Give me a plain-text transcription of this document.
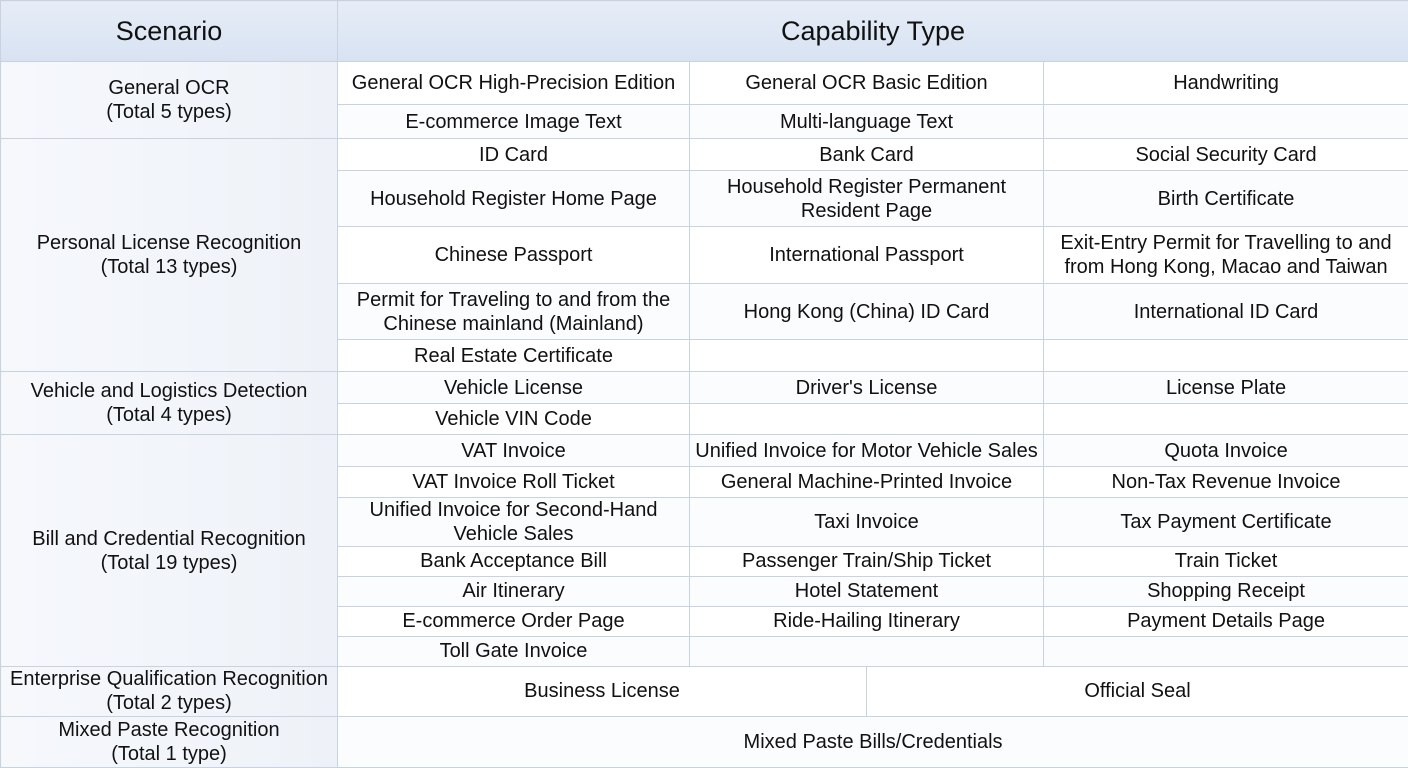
Scenario	Capability Type			

General OCR
(Total 5 types)	General OCR High-Precision Edition	General OCR Basic Edition		Handwriting

	E-commerce Image Text	Multi-language Text		

Personal License Recognition
(Total 13 types)	ID Card	Bank Card		Social Security Card

	Household Register Home Page	Household Register Permanent Resident Page		Birth Certificate

	Chinese Passport	International Passport		Exit-Entry Permit for Travelling to and from Hong Kong, Macao and Taiwan

	Permit for Traveling to and from the Chinese mainland (Mainland)	Hong Kong (China) ID Card		International ID Card

	Real Estate Certificate			

Vehicle and Logistics Detection
(Total 4 types)	Vehicle License	Driver's License		License Plate

	Vehicle VIN Code			

Bill and Credential Recognition
(Total 19 types)	VAT Invoice	Unified Invoice for Motor Vehicle Sales		Quota Invoice

	VAT Invoice Roll Ticket	General Machine-Printed Invoice		Non-Tax Revenue Invoice

	Unified Invoice for Second-Hand Vehicle Sales	Taxi Invoice		Tax Payment Certificate

	Bank Acceptance Bill	Passenger Train/Ship Ticket		Train Ticket

	Air Itinerary	Hotel Statement		Shopping Receipt

	E-commerce Order Page	Ride-Hailing Itinerary		Payment Details Page

	Toll Gate Invoice			

Enterprise Qualification Recognition
(Total 2 types)	Business License		Official Seal	

Mixed Paste Recognition
(Total 1 type)	Mixed Paste Bills/Credentials			
